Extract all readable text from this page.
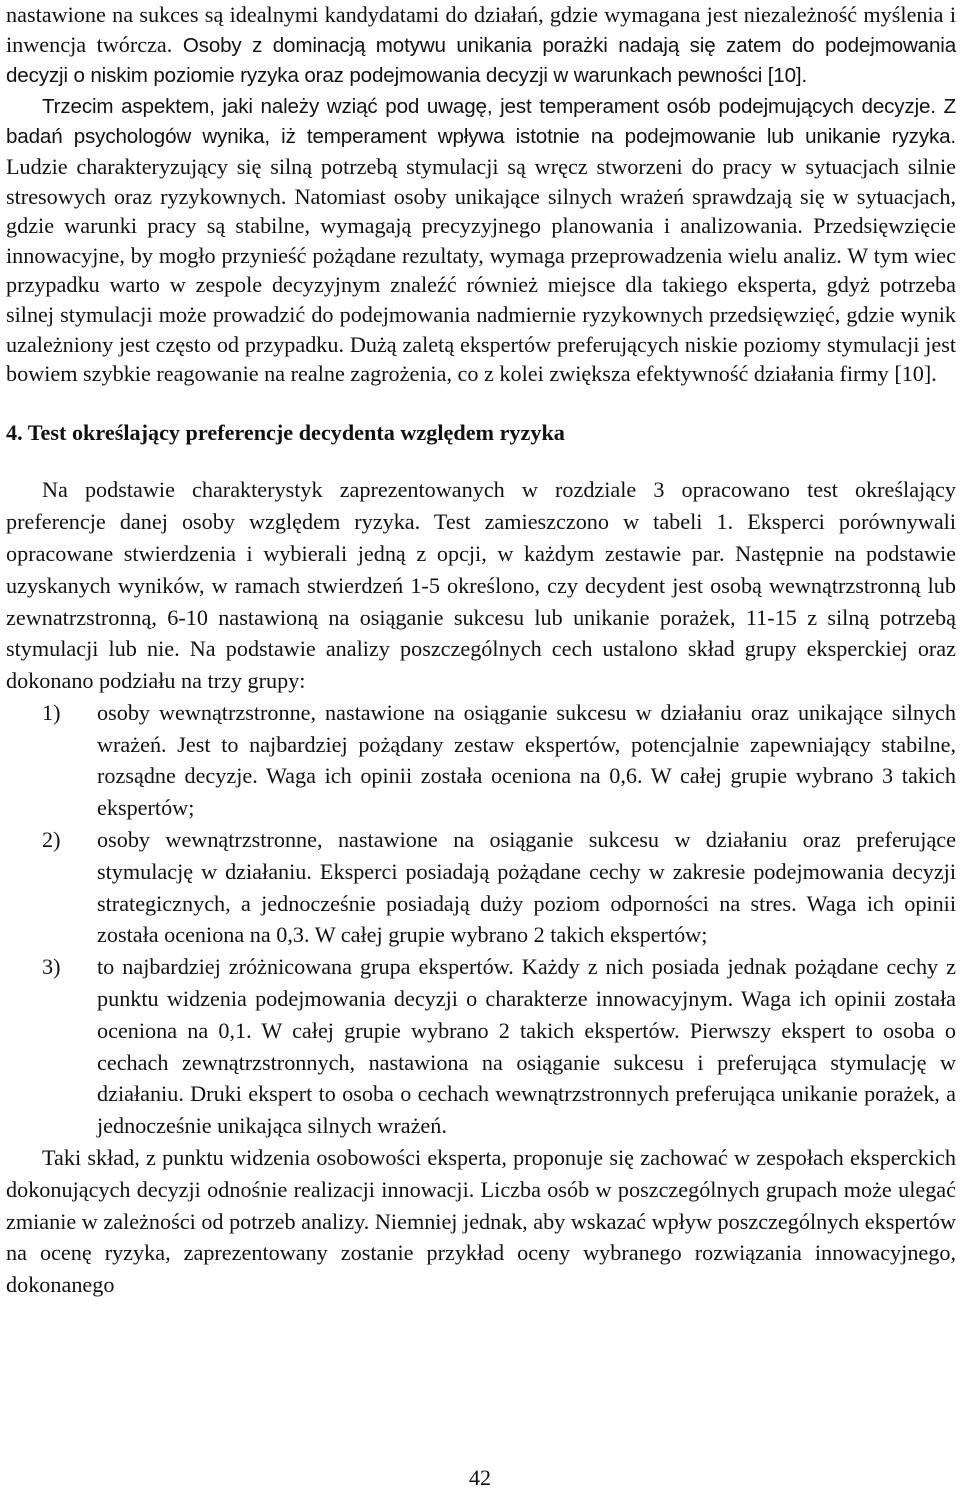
nastawione na sukces są idealnymi kandydatami do działań, gdzie wymagana jest niezależność myślenia i inwencja twórcza. Osoby z dominacją motywu unikania porażki nadają się zatem do podejmowania decyzji o niskim poziomie ryzyka oraz podejmowania decyzji w warunkach pewności [10].

Trzecim aspektem, jaki należy wziąć pod uwagę, jest temperament osób podejmujących decyzje. Z badań psychologów wynika, iż temperament wpływa istotnie na podejmowanie lub unikanie ryzyka. Ludzie charakteryzujący się silną potrzebą stymulacji są wręcz stworzeni do pracy w sytuacjach silnie stresowych oraz ryzykownych. Natomiast osoby unikające silnych wrażeń sprawdzają się w sytuacjach, gdzie warunki pracy są stabilne, wymagają precyzyjnego planowania i analizowania. Przedsięwzięcie innowacyjne, by mogło przynieść pożądane rezultaty, wymaga przeprowadzenia wielu analiz. W tym wiec przypadku warto w zespole decyzyjnym znaleźć również miejsce dla takiego eksperta, gdyż potrzeba silnej stymulacji może prowadzić do podejmowania nadmiernie ryzykownych przedsięwzięć, gdzie wynik uzależniony jest często od przypadku. Dużą zaletą ekspertów preferujących niskie poziomy stymulacji jest bowiem szybkie reagowanie na realne zagrożenia, co z kolei zwiększa efektywność działania firmy [10].

4. Test określający preferencje decydenta względem ryzyka

Na podstawie charakterystyk zaprezentowanych w rozdziale 3 opracowano test określający preferencje danej osoby względem ryzyka. Test zamieszczono w tabeli 1. Eksperci porównywali opracowane stwierdzenia i wybierali jedną z opcji, w każdym zestawie par. Następnie na podstawie uzyskanych wyników, w ramach stwierdzeń 1-5 określono, czy decydent jest osobą wewnątrzstronną lub zewnatrzstronną, 6-10 nastawioną na osiąganie sukcesu lub unikanie porażek, 11-15 z silną potrzebą stymulacji lub nie. Na podstawie analizy poszczególnych cech ustalono skład grupy eksperckiej oraz dokonano podziału na trzy grupy:

1) osoby wewnątrzstronne, nastawione na osiąganie sukcesu w działaniu oraz unikające silnych wrażeń. Jest to najbardziej pożądany zestaw ekspertów, potencjalnie zapewniający stabilne, rozsądne decyzje. Waga ich opinii została oceniona na 0,6. W całej grupie wybrano 3 takich ekspertów;
2) osoby wewnątrzstronne, nastawione na osiąganie sukcesu w działaniu oraz preferujące stymulację w działaniu. Eksperci posiadają pożądane cechy w zakresie podejmowania decyzji strategicznych, a jednocześnie posiadają duży poziom odporności na stres. Waga ich opinii została oceniona na 0,3. W całej grupie wybrano 2 takich ekspertów;
3) to najbardziej zróżnicowana grupa ekspertów. Każdy z nich posiada jednak pożądane cechy z punktu widzenia podejmowania decyzji o charakterze innowacyjnym. Waga ich opinii została oceniona na 0,1. W całej grupie wybrano 2 takich ekspertów. Pierwszy ekspert to osoba o cechach zewnątrzstronnych, nastawiona na osiąganie sukcesu i preferująca stymulację w działaniu. Druki ekspert to osoba o cechach wewnątrzstronnych preferująca unikanie porażek, a jednocześnie unikająca silnych wrażeń.

Taki skład, z punktu widzenia osobowości eksperta, proponuje się zachować w zespołach eksperckich dokonujących decyzji odnośnie realizacji innowacji. Liczba osób w poszczególnych grupach może ulegać zmianie w zależności od potrzeb analizy. Niemniej jednak, aby wskazać wpływ poszczególnych ekspertów na ocenę ryzyka, zaprezentowany zostanie przykład oceny wybranego rozwiązania innowacyjnego, dokonanego

42
